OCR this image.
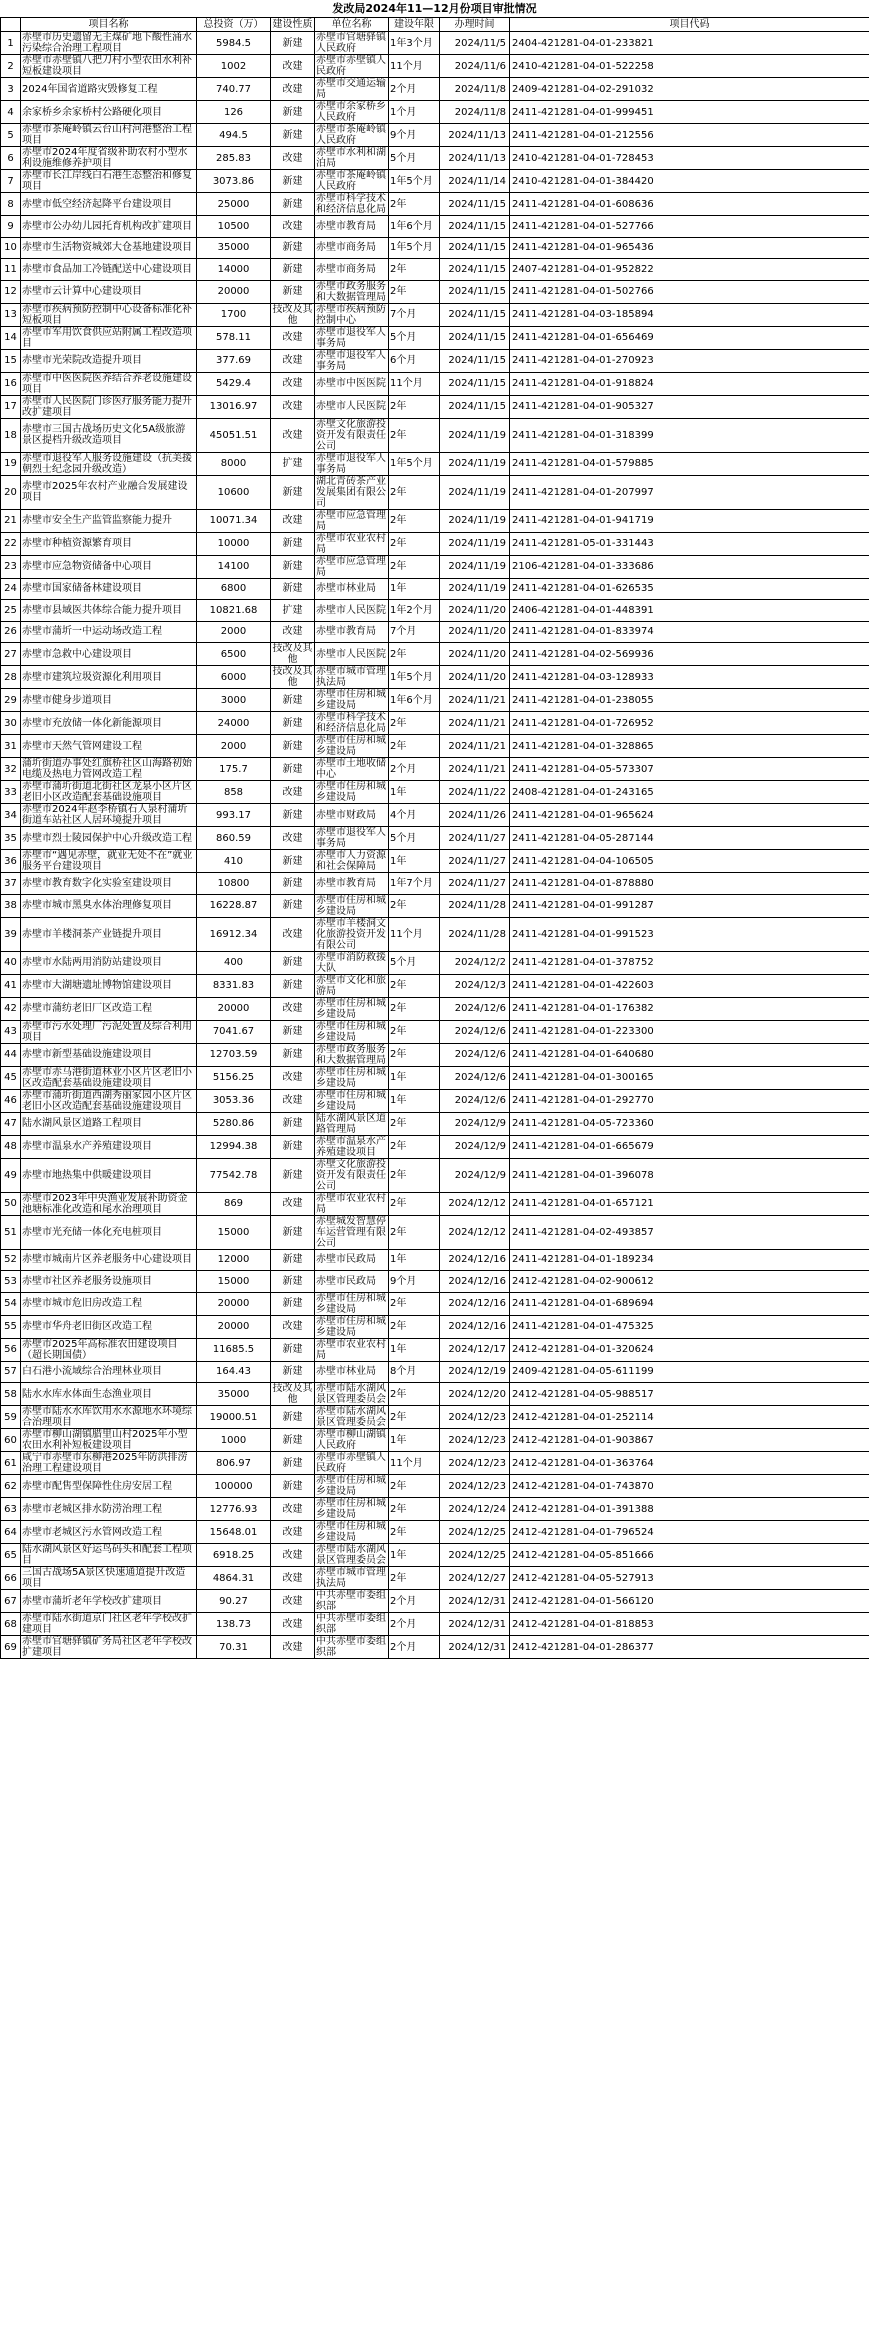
发改局2024年11—12月份项目审批情况
	项目名称	总投资（万）	建设性质	单位名称	建设年限	办理时间	项目代码
1	赤壁市历史遗留无主煤矿地下酸性涌水污染综合治理工程项目	5984.5	新建	赤壁市官塘驿镇人民政府	1年3个月	2024/11/5	2404-421281-04-01-233821
2	赤壁市赤壁镇八把刀村小型农田水利补短板建设项目	1002	改建	赤壁市赤壁镇人民政府	11个月	2024/11/6	2410-421281-04-01-522258
3	2024年国省道路灾毁修复工程	740.77	改建	赤壁市交通运输局	2个月	2024/11/8	2409-421281-04-02-291032
4	余家桥乡余家桥村公路硬化项目	126	新建	赤壁市余家桥乡人民政府	1个月	2024/11/8	2411-421281-04-01-999451
5	赤壁市茶庵岭镇云台山村河港整治工程项目	494.5	新建	赤壁市茶庵岭镇人民政府	9个月	2024/11/13	2411-421281-04-01-212556
6	赤壁市2024年度省级补助农村小型水利设施维修养护项目	285.83	改建	赤壁市水利和湖泊局	5个月	2024/11/13	2410-421281-04-01-728453
7	赤壁市长江岸线白石港生态整治和修复项目	3073.86	新建	赤壁市茶庵岭镇人民政府	1年5个月	2024/11/14	2410-421281-04-01-384420
8	赤壁市低空经济起降平台建设项目	25000	新建	赤壁市科学技术和经济信息化局	2年	2024/11/15	2411-421281-04-01-608636
9	赤壁市公办幼儿园托育机构改扩建项目	10500	改建	赤壁市教育局	1年6个月	2024/11/15	2411-421281-04-01-527766
10	赤壁市生活物资城郊大仓基地建设项目	35000	新建	赤壁市商务局	1年5个月	2024/11/15	2411-421281-04-01-965436
11	赤壁市食品加工冷链配送中心建设项目	14000	新建	赤壁市商务局	2年	2024/11/15	2407-421281-04-01-952822
12	赤壁市云计算中心建设项目	20000	新建	赤壁市政务服务和大数据管理局	2年	2024/11/15	2411-421281-04-01-502766
13	赤壁市疾病预防控制中心设备标准化补短板项目	1700	技改及其他	赤壁市疾病预防控制中心	7个月	2024/11/15	2411-421281-04-03-185894
14	赤壁市军用饮食供应站附属工程改造项目	578.11	改建	赤壁市退役军人事务局	5个月	2024/11/15	2411-421281-04-01-656469
15	赤壁市光荣院改造提升项目	377.69	改建	赤壁市退役军人事务局	6个月	2024/11/15	2411-421281-04-01-270923
16	赤壁市中医医院医养结合养老设施建设项目	5429.4	改建	赤壁市中医医院	11个月	2024/11/15	2411-421281-04-01-918824
17	赤壁市人民医院门诊医疗服务能力提升改扩建项目	13016.97	改建	赤壁市人民医院	2年	2024/11/15	2411-421281-04-01-905327
18	赤壁市三国古战场历史文化5A级旅游景区提档升级改造项目	45051.51	改建	赤壁文化旅游投资开发有限责任公司	2年	2024/11/19	2411-421281-04-01-318399
19	赤壁市退役军人服务设施建设（抗美援朝烈士纪念园升级改造）	8000	扩建	赤壁市退役军人事务局	1年5个月	2024/11/19	2411-421281-04-01-579885
20	赤壁市2025年农村产业融合发展建设项目	10600	新建	湖北青砖茶产业发展集团有限公司	2年	2024/11/19	2411-421281-04-01-207997
21	赤壁市安全生产监管监察能力提升	10071.34	改建	赤壁市应急管理局	2年	2024/11/19	2411-421281-04-01-941719
22	赤壁市种植资源繁育项目	10000	新建	赤壁市农业农村局	2年	2024/11/19	2411-421281-05-01-331443
23	赤壁市应急物资储备中心项目	14100	新建	赤壁市应急管理局	2年	2024/11/19	2106-421281-04-01-333686
24	赤壁市国家储备林建设项目	6800	新建	赤壁市林业局	1年	2024/11/19	2411-421281-04-01-626535
25	赤壁市县域医共体综合能力提升项目	10821.68	扩建	赤壁市人民医院	1年2个月	2024/11/20	2406-421281-04-01-448391
26	赤壁市蒲圻一中运动场改造工程	2000	改建	赤壁市教育局	7个月	2024/11/20	2411-421281-04-01-833974
27	赤壁市急救中心建设项目	6500	技改及其他	赤壁市人民医院	2年	2024/11/20	2411-421281-04-02-569936
28	赤壁市建筑垃圾资源化利用项目	6000	技改及其他	赤壁市城市管理执法局	1年5个月	2024/11/20	2411-421281-04-03-128933
29	赤壁市健身步道项目	3000	新建	赤壁市住房和城乡建设局	1年6个月	2024/11/21	2411-421281-04-01-238055
30	赤壁市充放储一体化新能源项目	24000	新建	赤壁市科学技术和经济信息化局	2年	2024/11/21	2411-421281-04-01-726952
31	赤壁市天然气管网建设工程	2000	新建	赤壁市住房和城乡建设局	2年	2024/11/21	2411-421281-04-01-328865
32	蒲圻街道办事处红旗桥社区山海路初始电缆及热电力管网改造工程	175.7	新建	赤壁市土地收储中心	2个月	2024/11/21	2411-421281-04-05-573307
33	赤壁市蒲圻街道北街社区龙泉小区片区老旧小区改造配套基础设施项目	858	改建	赤壁市住房和城乡建设局	1年	2024/11/22	2408-421281-04-01-243165
34	赤壁市2024年赵李桥镇石人泉村蒲圻街道车站社区人居环境提升项目	993.17	新建	赤壁市财政局	4个月	2024/11/26	2411-421281-04-01-965624
35	赤壁市烈士陵园保护中心升级改造工程	860.59	改建	赤壁市退役军人事务局	5个月	2024/11/27	2411-421281-04-05-287144
36	赤壁市“遇见赤壁，就业无处不在”就业服务平台建设项目	410	新建	赤壁市人力资源和社会保障局	1年	2024/11/27	2411-421281-04-04-106505
37	赤壁市教育数字化实验室建设项目	10800	新建	赤壁市教育局	1年7个月	2024/11/27	2411-421281-04-01-878880
38	赤壁市城市黑臭水体治理修复项目	16228.87	新建	赤壁市住房和城乡建设局	2年	2024/11/28	2411-421281-04-01-991287
39	赤壁市羊楼洞茶产业链提升项目	16912.34	改建	赤壁市羊楼洞文化旅游投资开发有限公司	11个月	2024/11/28	2411-421281-04-01-991523
40	赤壁市水陆两用消防站建设项目	400	新建	赤壁市消防救援大队	5个月	2024/12/2	2411-421281-04-01-378752
41	赤壁市大湖塘遗址博物馆建设项目	8331.83	新建	赤壁市文化和旅游局	2年	2024/12/3	2411-421281-04-01-422603
42	赤壁市蒲纺老旧厂区改造工程	20000	改建	赤壁市住房和城乡建设局	2年	2024/12/6	2411-421281-04-01-176382
43	赤壁市污水处理厂污泥处置及综合利用项目	7041.67	新建	赤壁市住房和城乡建设局	2年	2024/12/6	2411-421281-04-01-223300
44	赤壁市新型基础设施建设项目	12703.59	新建	赤壁市政务服务和大数据管理局	2年	2024/12/6	2411-421281-04-01-640680
45	赤壁市赤马港街道林业小区片区老旧小区改造配套基础设施建设项目	5156.25	改建	赤壁市住房和城乡建设局	1年	2024/12/6	2411-421281-04-01-300165
46	赤壁市蒲圻街道西湖秀丽家园小区片区老旧小区改造配套基础设施建设项目	3053.36	改建	赤壁市住房和城乡建设局	1年	2024/12/6	2411-421281-04-01-292770
47	陆水湖风景区道路工程项目	5280.86	新建	陆水湖风景区道路管理局	2年	2024/12/9	2411-421281-04-05-723360
48	赤壁市温泉水产养殖建设项目	12994.38	新建	赤壁市温泉水产养殖建设项目	2年	2024/12/9	2411-421281-04-01-665679
49	赤壁市地热集中供暖建设项目	77542.78	新建	赤壁文化旅游投资开发有限责任公司	2年	2024/12/9	2411-421281-04-01-396078
50	赤壁市2023年中央渔业发展补助资金池塘标准化改造和尾水治理项目	869	改建	赤壁市农业农村局	2年	2024/12/12	2411-421281-04-01-657121
51	赤壁市光充储一体化充电桩项目	15000	新建	赤壁城发智慧停车运营管理有限公司	2年	2024/12/12	2411-421281-04-02-493857
52	赤壁市城南片区养老服务中心建设项目	12000	新建	赤壁市民政局	1年	2024/12/16	2411-421281-04-01-189234
53	赤壁市社区养老服务设施项目	15000	新建	赤壁市民政局	9个月	2024/12/16	2412-421281-04-02-900612
54	赤壁市城市危旧房改造工程	20000	新建	赤壁市住房和城乡建设局	2年	2024/12/16	2411-421281-04-01-689694
55	赤壁市华舟老旧街区改造工程	20000	改建	赤壁市住房和城乡建设局	2年	2024/12/16	2411-421281-04-01-475325
56	赤壁市2025年高标准农田建设项目（超长期国债）	11685.5	新建	赤壁市农业农村局	1年	2024/12/17	2412-421281-04-01-320624
57	白石港小流域综合治理林业项目	164.43	新建	赤壁市林业局	8个月	2024/12/19	2409-421281-04-05-611199
58	陆水水库水体面生态渔业项目	35000	技改及其他	赤壁市陆水湖风景区管理委员会	2年	2024/12/20	2412-421281-04-05-988517
59	赤壁市陆水水库饮用水水源地水环境综合治理项目	19000.51	新建	赤壁市陆水湖风景区管理委员会	2年	2024/12/23	2412-421281-04-01-252114
60	赤壁市柳山湖镇腊里山村2025年小型农田水利补短板建设项目	1000	新建	赤壁市柳山湖镇人民政府	1年	2024/12/23	2412-421281-04-01-903867
61	咸宁市赤壁市东柳港2025年防洪排涝治理工程建设项目	806.97	新建	赤壁市赤壁镇人民政府	11个月	2024/12/23	2412-421281-04-01-363764
62	赤壁市配售型保障性住房安居工程	100000	新建	赤壁市住房和城乡建设局	2年	2024/12/23	2412-421281-04-01-743870
63	赤壁市老城区排水防涝治理工程	12776.93	改建	赤壁市住房和城乡建设局	2年	2024/12/24	2412-421281-04-01-391388
64	赤壁市老城区污水管网改造工程	15648.01	改建	赤壁市住房和城乡建设局	2年	2024/12/25	2412-421281-04-01-796524
65	陆水湖风景区好运鸟码头和配套工程项目	6918.25	改建	赤壁市陆水湖风景区管理委员会	1年	2024/12/25	2412-421281-04-05-851666
66	三国古战场5A景区快速通道提升改造项目	4864.31	改建	赤壁市城市管理执法局	2年	2024/12/27	2412-421281-04-05-527913
67	赤壁市蒲圻老年学校改扩建项目	90.27	改建	中共赤壁市委组织部	2个月	2024/12/31	2412-421281-04-01-566120
68	赤壁市陆水街道京门社区老年学校改扩建项目	138.73	改建	中共赤壁市委组织部	2个月	2024/12/31	2412-421281-04-01-818853
69	赤壁市官塘驿镇矿务局社区老年学校改扩建项目	70.31	改建	中共赤壁市委组织部	2个月	2024/12/31	2412-421281-04-01-286377
